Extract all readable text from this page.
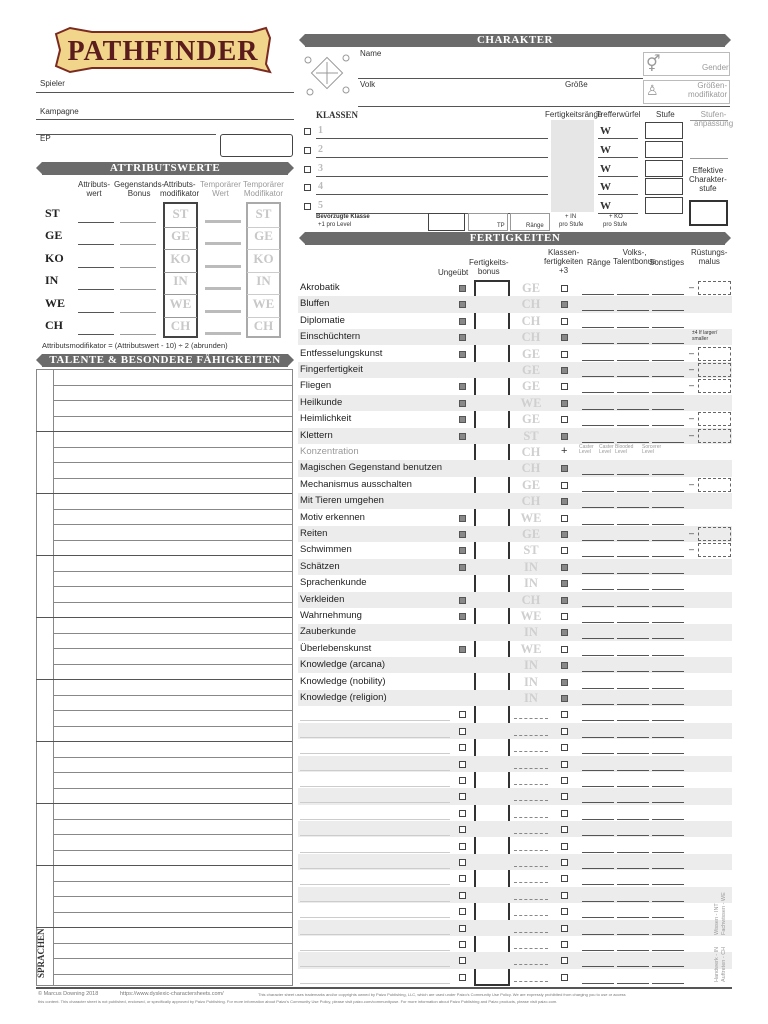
PATHFINDER
Spieler
Kampagne
EP
CHARAKTER
Name
Volk	Größe
⚥	Gender
♙	Größen-
modifikator
KLASSEN	Fertigkeitsränge
Trefferwürfel Stufe	Stufen-
anpassung
1	W
2	W
3	W
4	W
5	W
Bevorzugte Klasse
+1 pro Level	TP	Ränge
+ IN
pro Stufe
+ KO
pro Stufe
Effektive
Charakter-
stufe
ATTRIBUTSWERTE
Attributs-
wert
Gegenstands-
Bonus
Attributs-
modifikator
Temporärer
Wert
Temporärer
Modifikator
ST	ST	ST
GE	GE	GE
KO	KO	KO
IN	IN	IN
WE	WE	WE
CH	CH	CH
Attributsmodifikator = (Attributswert - 10) ÷ 2 (abrunden)
TALENTE & BESONDERE FÄHIGKEITEN
SPRACHEN
FERTIGKEITEN
Ungeübt
Fertigkeits-
bonus
Klassen-
fertigkeiten
+3
Ränge
Volks-,
Talentbonus
Sonstiges
Rüstungs-
malus
Akrobatik	GE	–
Bluffen	CH
Diplomatie	CH
Einschüchtern	CH
Entfesselungskunst	GE	–
Fingerfertigkeit	GE	–
Fliegen	GE	–
Heilkunde	WE
Heimlichkeit	GE	–
Klettern	ST	–
Konzentration	CH	+ Caster
Level
Caster
Level
Blooded
Level
Sorcerer
Level
Magischen Gegenstand benutzen	CH
Mechanismus ausschalten	GE	–
Mit Tieren umgehen	CH
Motiv erkennen	WE
Reiten	GE	–
Schwimmen	ST	–
Schätzen	IN
Sprachenkunde	IN
Verkleiden	CH
Wahrnehmung	WE
Zauberkunde	IN
Überlebenskunst	WE
Knowledge (arcana)	IN
Knowledge (nobility)	IN
Knowledge (religion)	IN
±4 If larger/
smaller
Wissen - INT
Fachwissen - WE
Handwerk - IN
Auftreten - CH
© Marcus Downing 2018	https://www.dyslexic-charactersheets.com/	This character sheet uses trademarks and/or copyrights owned by Paizo Publishing, LLC, which are used under Paizo's Community Use Policy. We are expressly prohibited from charging you to use or access
this content. This character sheet is not published, endorsed, or specifically approved by Paizo Publishing. For more information about Paizo's Community Use Policy, please visit paizo.com/communityuse. For more information about Paizo Publishing and Paizo products, please visit paizo.com.
